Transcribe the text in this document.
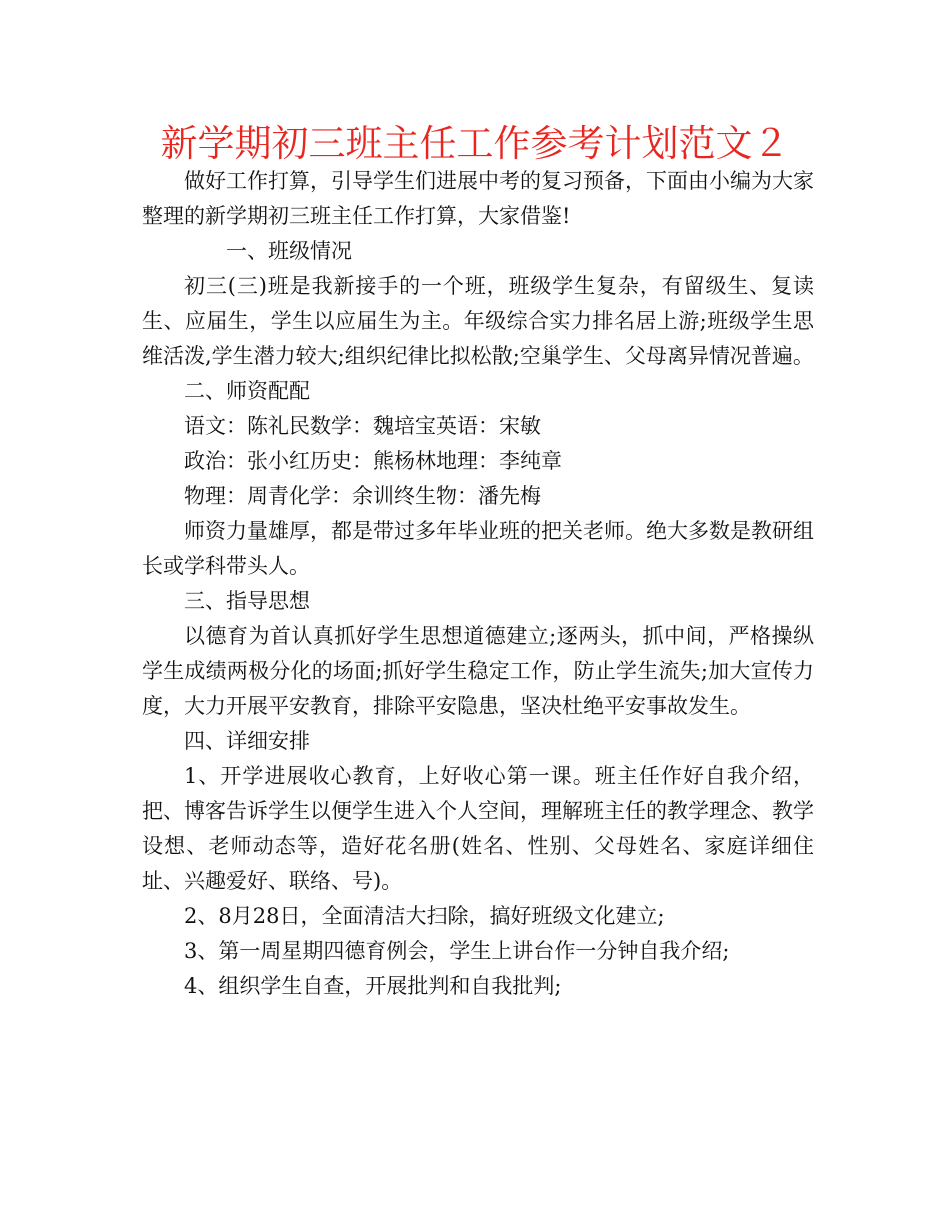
新学期初三班主任工作参考计划范文２

做好工作打算，引导学生们进展中考的复习预备，下面由小编为大家整理的新学期初三班主任工作打算，大家借鉴!

一、班级情况

初三(三)班是我新接手的一个班，班级学生复杂，有留级生、复读生、应届生，学生以应届生为主。年级综合实力排名居上游;班级学生思维活泼,学生潜力较大;组织纪律比拟松散;空巢学生、父母离异情况普遍。

二、师资配配

语文：陈礼民数学：魏培宝英语：宋敏

政治：张小红历史：熊杨林地理：李纯章

物理：周青化学：余训终生物：潘先梅

师资力量雄厚，都是带过多年毕业班的把关老师。绝大多数是教研组长或学科带头人。

三、指导思想

以德育为首认真抓好学生思想道德建立;逐两头，抓中间，严格操纵学生成绩两极分化的场面;抓好学生稳定工作，防止学生流失;加大宣传力度，大力开展平安教育，排除平安隐患，坚决杜绝平安事故发生。

四、详细安排

1、开学进展收心教育，上好收心第一课。班主任作好自我介绍，把、博客告诉学生以便学生进入个人空间，理解班主任的教学理念、教学设想、老师动态等，造好花名册(姓名、性别、父母姓名、家庭详细住址、兴趣爱好、联络、号)。

2、8月28日，全面清洁大扫除，搞好班级文化建立;

3、第一周星期四德育例会，学生上讲台作一分钟自我介绍;

4、组织学生自查，开展批判和自我批判;
